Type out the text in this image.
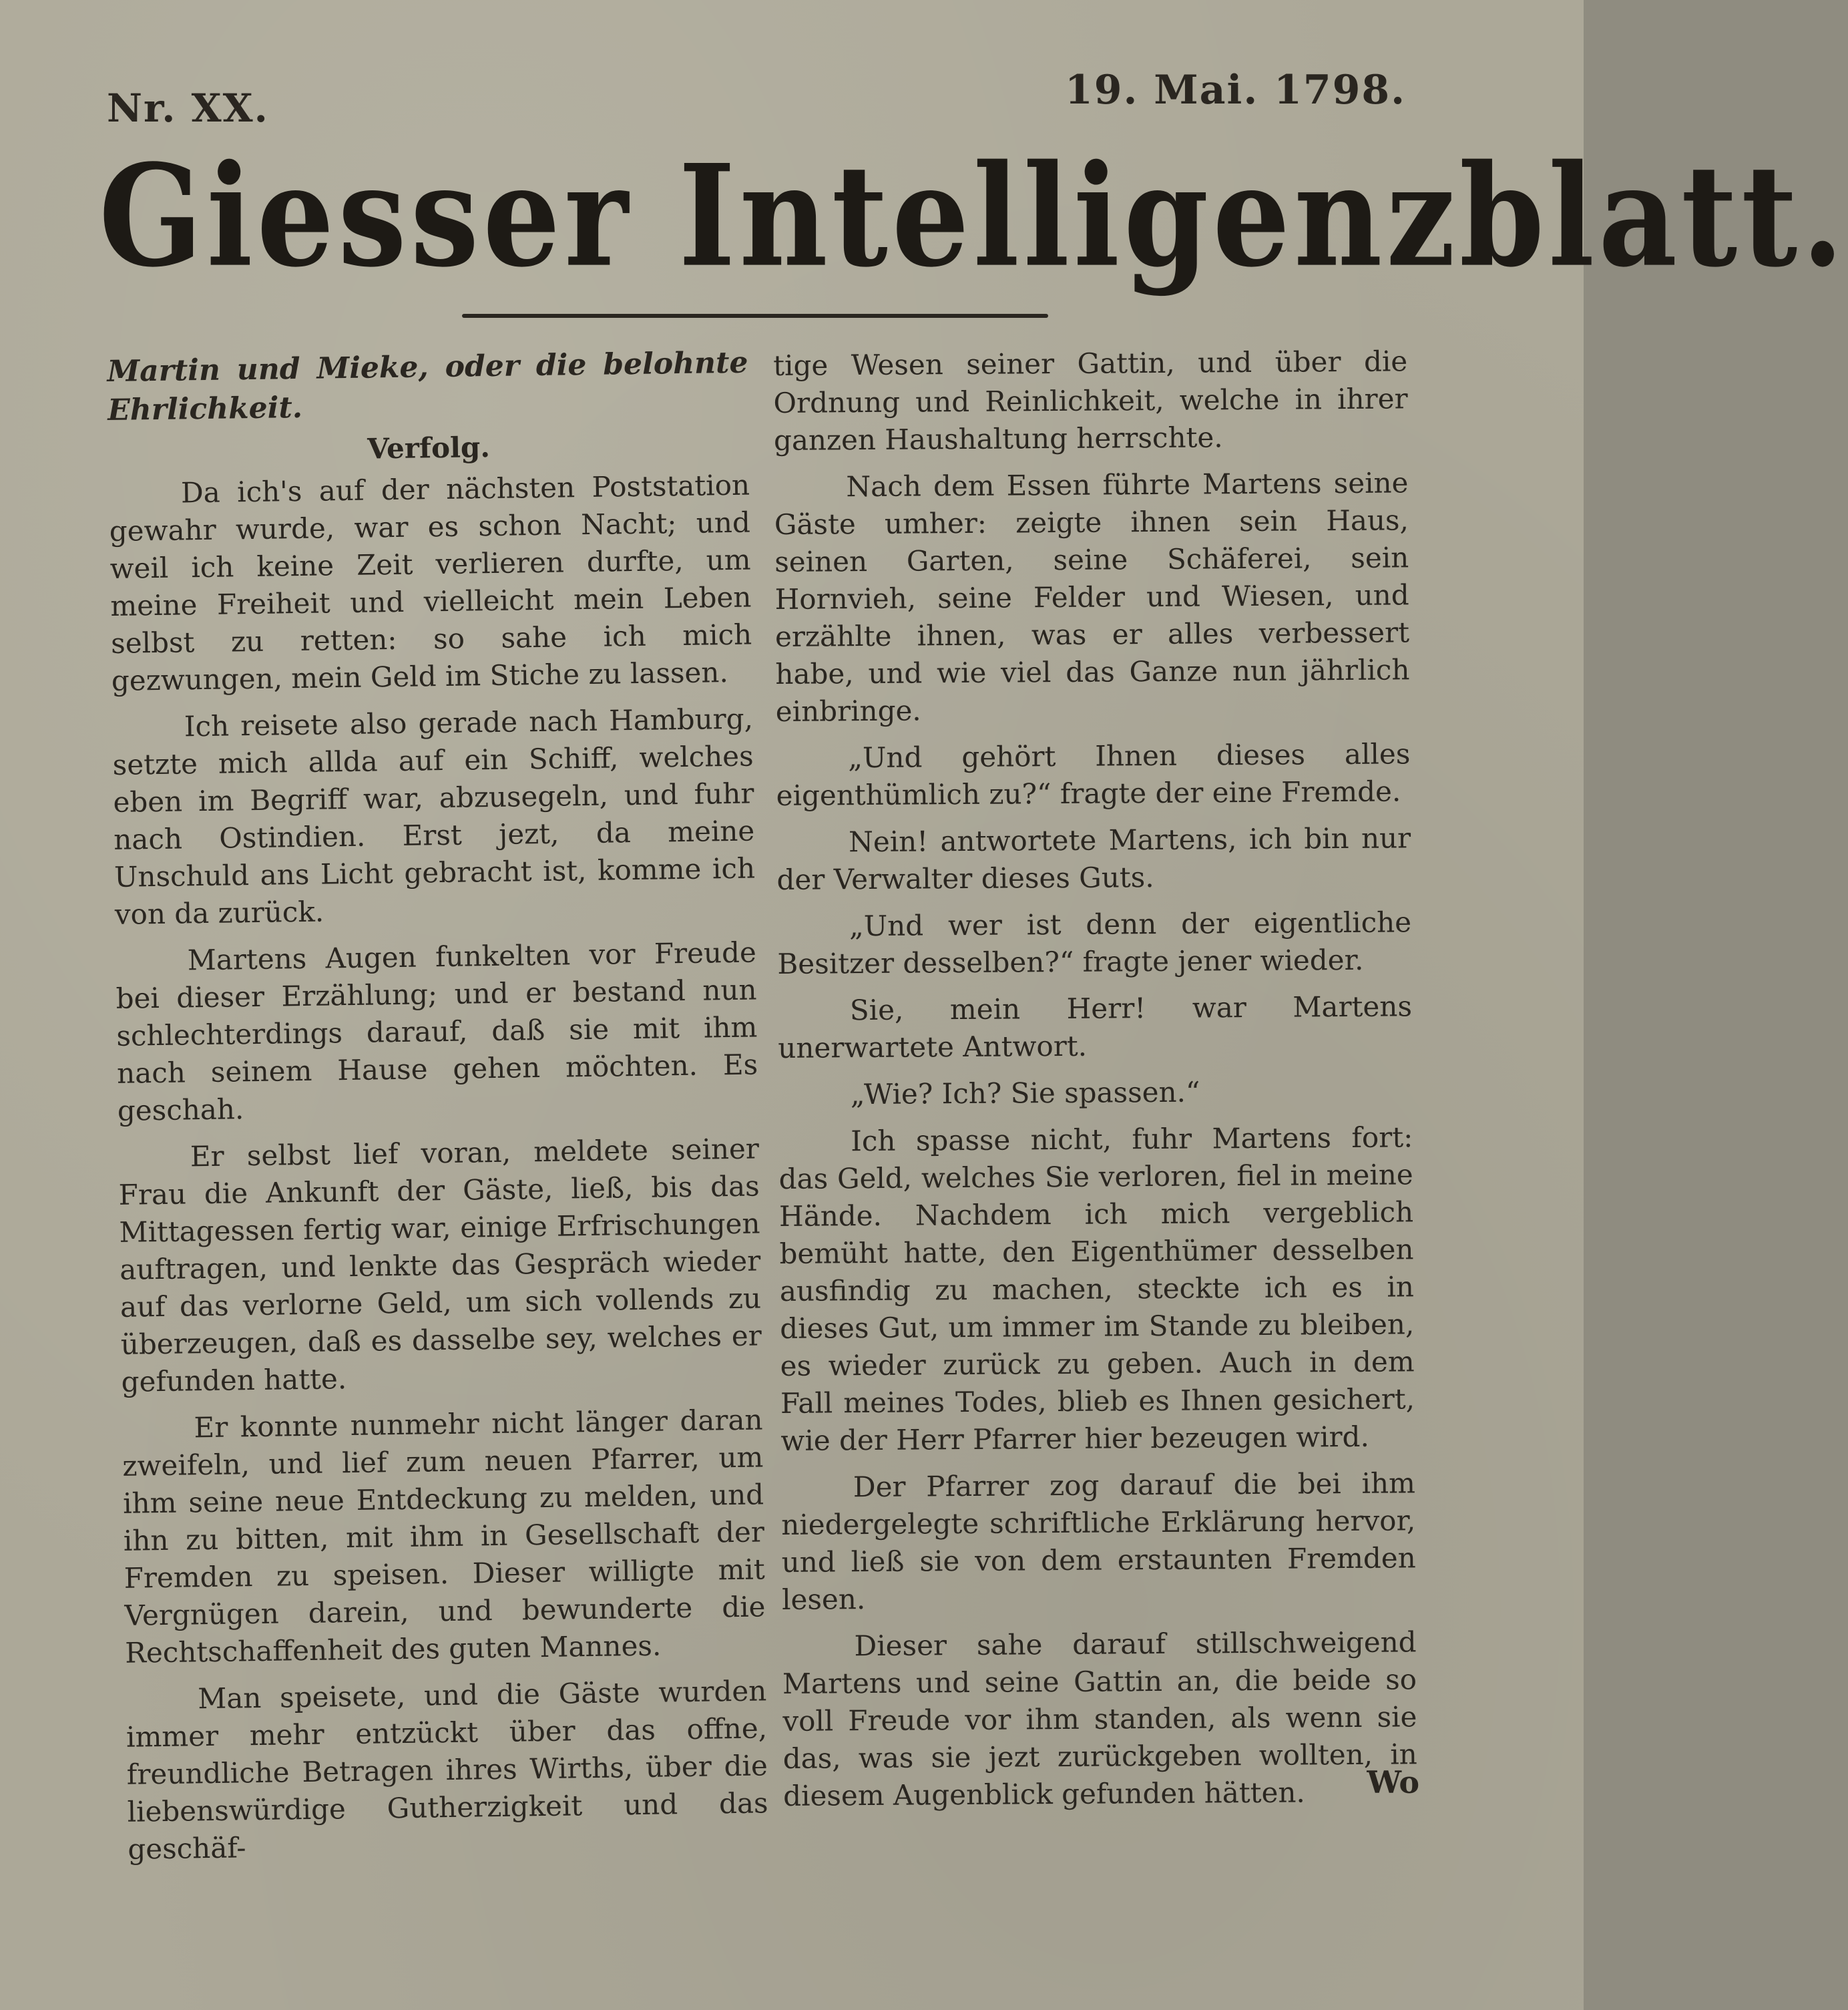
Nr. XX.	19. Mai. 1798.
Giesser Intelligenzblatt.
Martin und Mieke, oder die belohnte Ehrlichkeit.
Verfolg.

Da ich's auf der nächsten Poststation gewahr wurde, war es schon Nacht; und weil ich keine Zeit verlieren durfte, um meine Freiheit und vielleicht mein Leben selbst zu retten: so sahe ich mich gezwungen, mein Geld im Stiche zu lassen.

Ich reisete also gerade nach Hamburg, setzte mich allda auf ein Schiff, welches eben im Begriff war, abzusegeln, und fuhr nach Ostindien. Erst jezt, da meine Unschuld ans Licht gebracht ist, komme ich von da zurück.

Martens Augen funkelten vor Freude bei dieser Erzählung; und er bestand nun schlechterdings darauf, daß sie mit ihm nach seinem Hause gehen möchten. Es geschah.

Er selbst lief voran, meldete seiner Frau die Ankunft der Gäste, ließ, bis das Mittagessen fertig war, einige Erfrischungen auftragen, und lenkte das Gespräch wieder auf das verlorne Geld, um sich vollends zu überzeugen, daß es dasselbe sey, welches er gefunden hatte.

Er konnte nunmehr nicht länger daran zweifeln, und lief zum neuen Pfarrer, um ihm seine neue Entdeckung zu melden, und ihn zu bitten, mit ihm in Gesellschaft der Fremden zu speisen. Dieser willigte mit Vergnügen darein, und bewunderte die Rechtschaffenheit des guten Mannes.

Man speisete, und die Gäste wurden immer mehr entzückt über das offne, freundliche Betragen ihres Wirths, über die liebenswürdige Gutherzigkeit und das geschäf-

tige Wesen seiner Gattin, und über die Ordnung und Reinlichkeit, welche in ihrer ganzen Haushaltung herrschte.

Nach dem Essen führte Martens seine Gäste umher: zeigte ihnen sein Haus, seinen Garten, seine Schäferei, sein Hornvieh, seine Felder und Wiesen, und erzählte ihnen, was er alles verbessert habe, und wie viel das Ganze nun jährlich einbringe.

„Und gehört Ihnen dieses alles eigenthümlich zu?“ fragte der eine Fremde.

Nein! antwortete Martens, ich bin nur der Verwalter dieses Guts.

„Und wer ist denn der eigentliche Besitzer desselben?“ fragte jener wieder.

Sie, mein Herr! war Martens unerwartete Antwort.

„Wie? Ich? Sie spassen.“

Ich spasse nicht, fuhr Martens fort: das Geld, welches Sie verloren, fiel in meine Hände. Nachdem ich mich vergeblich bemüht hatte, den Eigenthümer desselben ausfindig zu machen, steckte ich es in dieses Gut, um immer im Stande zu bleiben, es wieder zurück zu geben. Auch in dem Fall meines Todes, blieb es Ihnen gesichert, wie der Herr Pfarrer hier bezeugen wird.

Der Pfarrer zog darauf die bei ihm niedergelegte schriftliche Erklärung hervor, und ließ sie von dem erstaunten Fremden lesen.

Dieser sahe darauf stillschweigend Martens und seine Gattin an, die beide so voll Freude vor ihm standen, als wenn sie das, was sie jezt zurückgeben wollten, in diesem Augenblick gefunden hätten.	Wo
